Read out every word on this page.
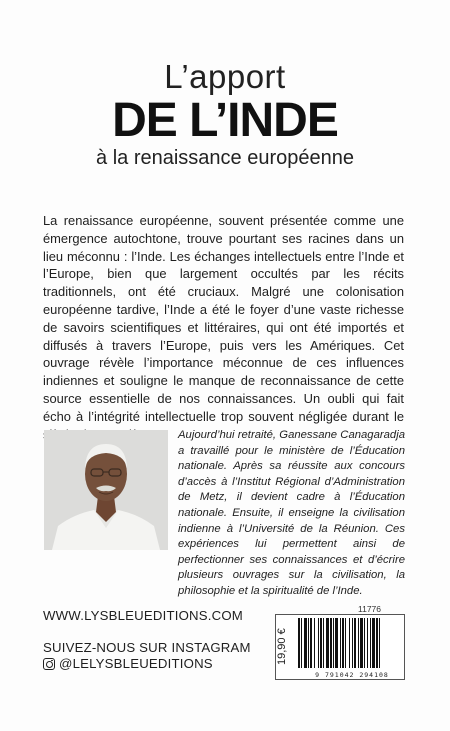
L’apport
DE L’INDE
à la renaissance européenne

La renaissance européenne, souvent présentée comme une émergence autochtone, trouve pourtant ses racines dans un lieu méconnu : l’Inde. Les échanges intellectuels entre l’Inde et l’Europe, bien que largement occultés par les récits traditionnels, ont été cruciaux. Malgré une colonisation européenne tardive, l’Inde a été le foyer d’une vaste richesse de savoirs scientifiques et littéraires, qui ont été importés et diffusés à travers l’Europe, puis vers les Amériques. Cet ouvrage révèle l’importance méconnue de ces influences indiennes et souligne le manque de reconnaissance de cette source essentielle de nos connaissances. Un oubli qui fait écho à l’intégrité intellectuelle trop souvent négligée durant le

Aujourd’hui retraité, Ganessane Canagaradja a travaillé pour le ministère de l’Éducation nationale. Après sa réussite aux concours d’accès à l’Institut Régional d’Administration de Metz, il devient cadre à l’Éducation nationale. Ensuite, il enseigne la civilisation indienne à l’Université de la Réunion. Ces expériences lui permettent ainsi de perfectionner ses connaissances et d’écrire plusieurs ouvrages sur la civilisation, la philosophie et la spiritualité de l’Inde.

WWW.LYSBLEUEDITIONS.COM
SUIVEZ-NOUS SUR INSTAGRAM
@LELYSBLEUEDITIONS
11776
19,90 €
9 791042 294108
